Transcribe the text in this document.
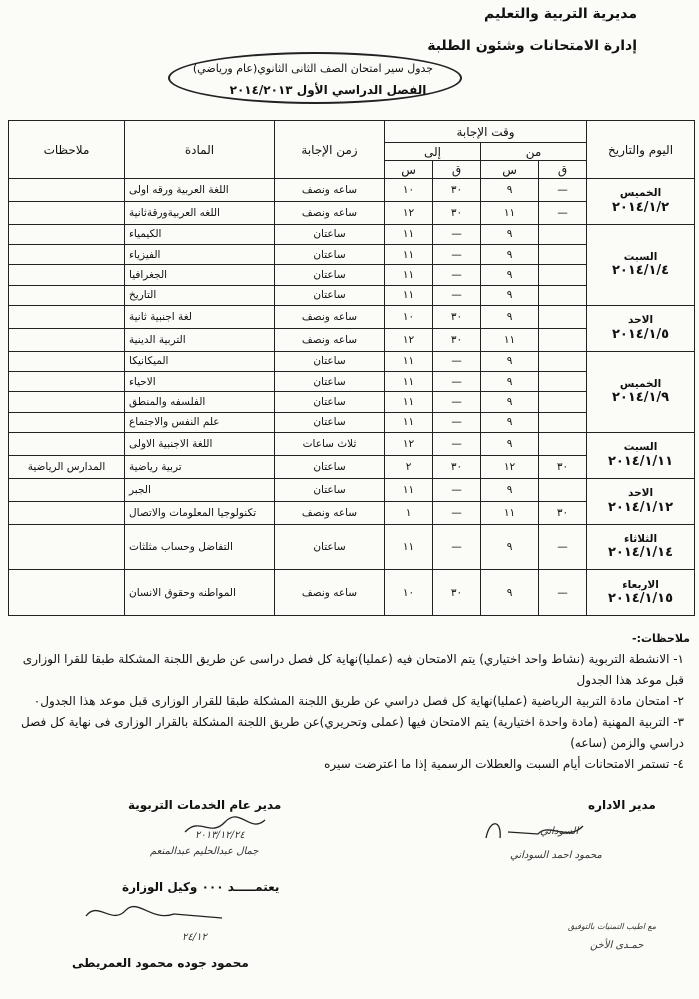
مديرية التربية والتعليم
إدارة الامتحانات وشئون الطلبة
جدول سير امتحان الصف الثانى الثانوي(عام ورياضي)
الفصل الدراسي الأول ٢٠١٤/٢٠١٣
اليوم والتاريخ	وقت الإجابة				زمن الإجابة	المادة	ملاحظات
	من		إلى				
	ق	س	ق	س			

الخميس
٢٠١٤/١/٢	—	٩	٣٠	١٠	ساعه ونصف	اللغة العربية ورقه اولى	
	—	١١	٣٠	١٢	ساعه ونصف	اللغه العربيةورقةثانية	

السبت
٢٠١٤/١/٤		٩	—	١١	ساعتان	الكيمياء	
		٩	—	١١	ساعتان	الفيزياء	
		٩	—	١١	ساعتان	الجغرافيا	
		٩	—	١١	ساعتان	التاريخ	

الاحد
٢٠١٤/١/٥		٩	٣٠	١٠	ساعه ونصف	لغة اجنبية ثانية	
		١١	٣٠	١٢	ساعه ونصف	التربية الدينية	

الخميس
٢٠١٤/١/٩		٩	—	١١	ساعتان	الميكانيكا	
		٩	—	١١	ساعتان	الاحياء	
		٩	—	١١	ساعتان	الفلسفه والمنطق	
		٩	—	١١	ساعتان	علم النفس والاجتماع	

السبت
٢٠١٤/١/١١		٩	—	١٢	ثلاث ساعات	اللغة الاجنبية الاولى	
	٣٠	١٢	٣٠	٢	ساعتان	تربية رياضية	المدارس الرياضية

الاحد
٢٠١٤/١/١٢		٩	—	١١	ساعتان	الجبر	
	٣٠	١١	—	١	ساعه ونصف	تكنولوجيا المعلومات والاتصال	

الثلاثاء
٢٠١٤/١/١٤	—	٩	—	١١	ساعتان	التفاضل وحساب مثلثات	

الاربعاء
٢٠١٤/١/١٥	—	٩	٣٠	١٠	ساعه ونصف	المواطنه وحقوق الانسان	
ملاحظات:-

١- الانشطة التربوية (نشاط واحد اختياري) يتم الامتحان فيه (عمليا)نهاية كل فصل دراسى عن طريق اللجنة المشكلة طبقا للقرا الوزارى قبل موعد هذا الجدول

٢- امتحان مادة التربية الرياضية (عمليا)نهاية كل فصل دراسي عن طريق اللجنة المشكلة طبقا للقرار الوزارى قبل موعد هذا الجدول٠

٣- التربية المهنية (مادة واحدة اختيارية) يتم الامتحان فيها (عملى وتحريري)عن طريق اللجنة المشكلة بالقرار الوزارى فى نهاية كل فصل دراسي والزمن (ساعه)

٤- تستمر الامتحانات أيام السبت والعطلات الرسمية إذا ما اعترضت سيره

مدير عام الخدمات التربوية
٢٠١٣/١٢/٢٤
جمال عبدالحليم عبدالمنعم
مدير الاداره
السوداني
محمود احمد السوداني
يعتمـــــد ٠٠٠ وكيل الوزارة
٢٤/١٢
محمود جوده محمود العمريطى
مع اطيب التمنيات بالتوفيق
حمـدى الأخن
